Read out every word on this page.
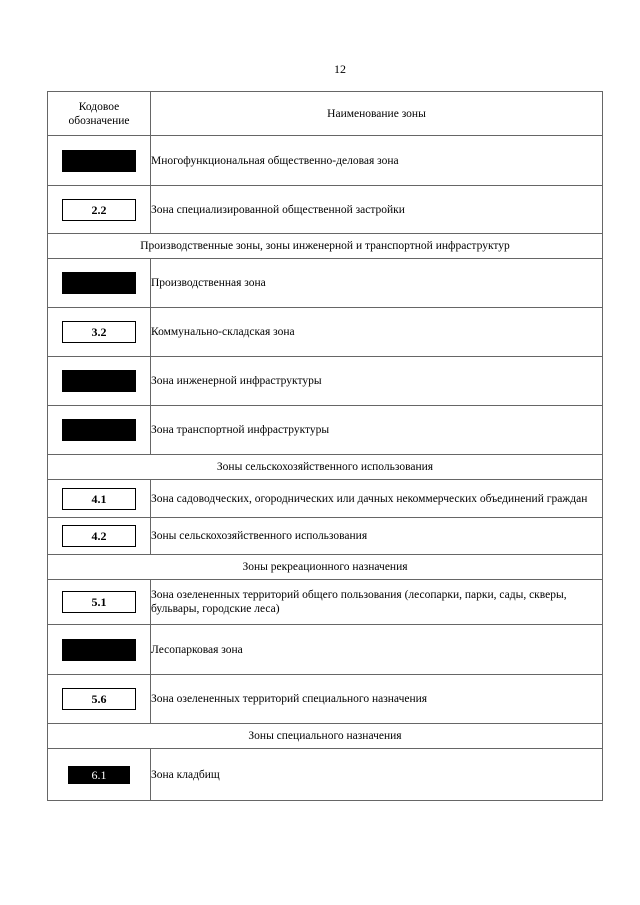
12
Кодовое обозначение	Наименование зоны
	Многофункциональная общественно-деловая зона
2.2	Зона специализированной общественной застройки
Производственные зоны, зоны инженерной и транспортной инфраструктур	
	Производственная зона
3.2	Коммунально-складская зона
	Зона инженерной инфраструктуры
	Зона транспортной инфраструктуры
Зоны сельскохозяйственного использования	
4.1	Зона садоводческих, огороднических или дачных некоммерческих объединений граждан
4.2	Зоны сельскохозяйственного использования
Зоны рекреационного назначения	
5.1	Зона озелененных территорий общего пользования (лесопарки, парки, сады, скверы, бульвары, городские леса)
	Лесопарковая зона
5.6	Зона озелененных территорий специального назначения
Зоны специального назначения	
6.1	Зона кладбищ
